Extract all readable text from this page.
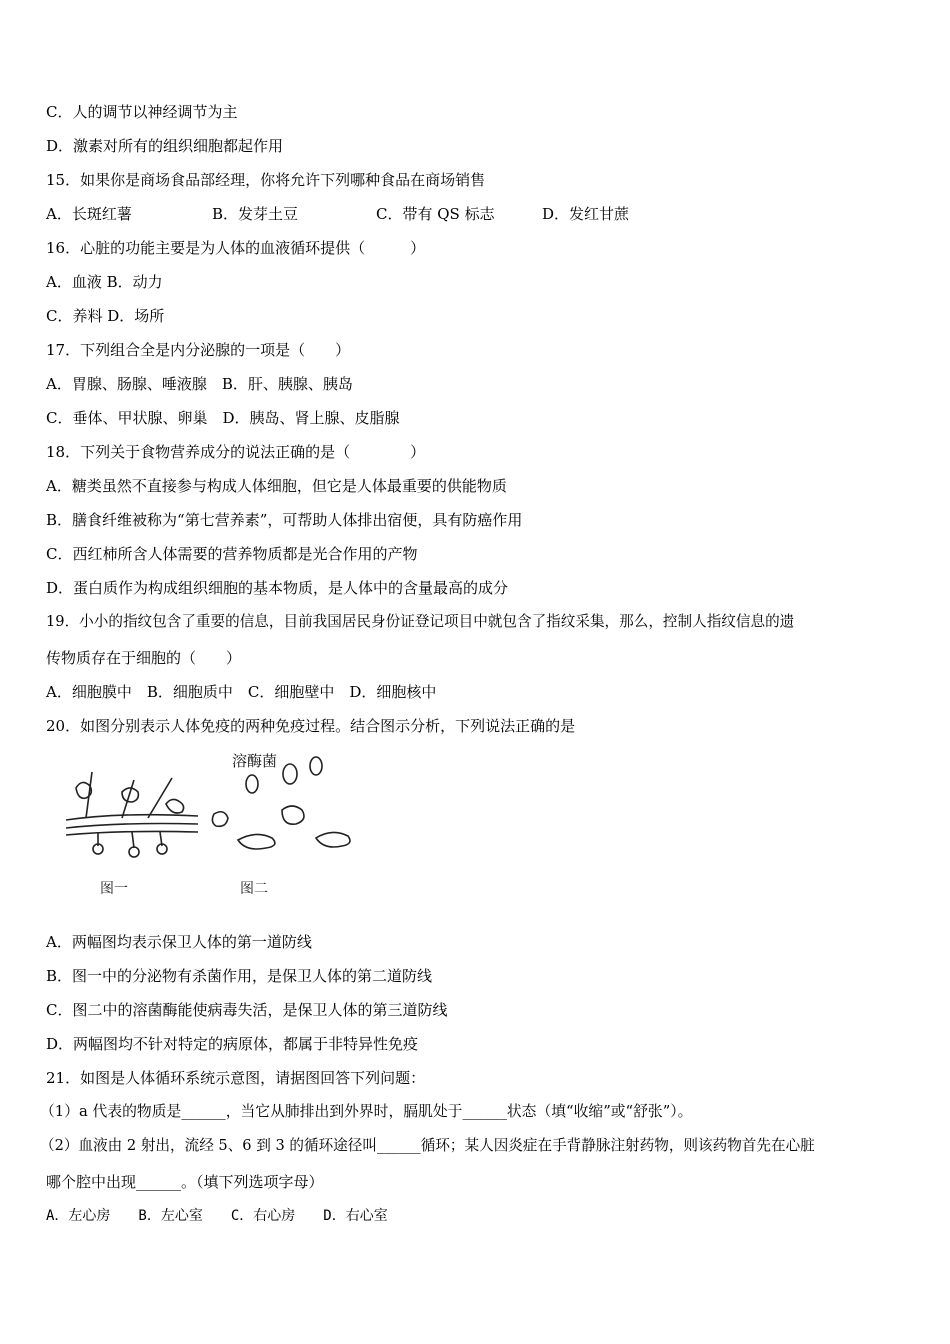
C．人的调节以神经调节为主
D．激素对所有的组织细胞都起作用
15．如果你是商场食品部经理，你将允许下列哪种食品在商场销售
A．长斑红薯	B．发芽土豆	C．带有 QS 标志	D．发红甘蔗
16．心脏的功能主要是为人体的血液循环提供（　　　）
A．血液 B．动力
C．养料 D．场所
17．下列组合全是内分泌腺的一项是（　　）
A．胃腺、肠腺、唾液腺　B．肝、胰腺、胰岛
C．垂体、甲状腺、卵巢　D．胰岛、肾上腺、皮脂腺
18．下列关于食物营养成分的说法正确的是（　　　　）
A．糖类虽然不直接参与构成人体细胞，但它是人体最重要的供能物质
B．膳食纤维被称为“第七营养素”，可帮助人体排出宿便，具有防癌作用
C．西红柿所含人体需要的营养物质都是光合作用的产物
D．蛋白质作为构成组织细胞的基本物质，是人体中的含量最高的成分
19．小小的指纹包含了重要的信息，目前我国居民身份证登记项目中就包含了指纹采集，那么，控制人指纹信息的遗
传物质存在于细胞的（　　）
A．细胞膜中　B．细胞质中　C．细胞壁中　D．细胞核中
20．如图分别表示人体免疫的两种免疫过程。结合图示分析，下列说法正确的是
溶酶菌
图一	图二
A．两幅图均表示保卫人体的第一道防线
B．图一中的分泌物有杀菌作用，是保卫人体的第二道防线
C．图二中的溶菌酶能使病毒失活，是保卫人体的第三道防线
D．两幅图均不针对特定的病原体，都属于非特异性免疫
21．如图是人体循环系统示意图，请据图回答下列问题：
（1）a 代表的物质是______，当它从肺排出到外界时，膈肌处于______状态（填“收缩”或“舒张”）。
（2）血液由 2 射出，流经 5、6 到 3 的循环途径叫______循环；某人因炎症在手背静脉注射药物，则该药物首先在心脏
哪个腔中出现______。（填下列选项字母）
A．左心房　　B．左心室　　C．右心房　　D．右心室
